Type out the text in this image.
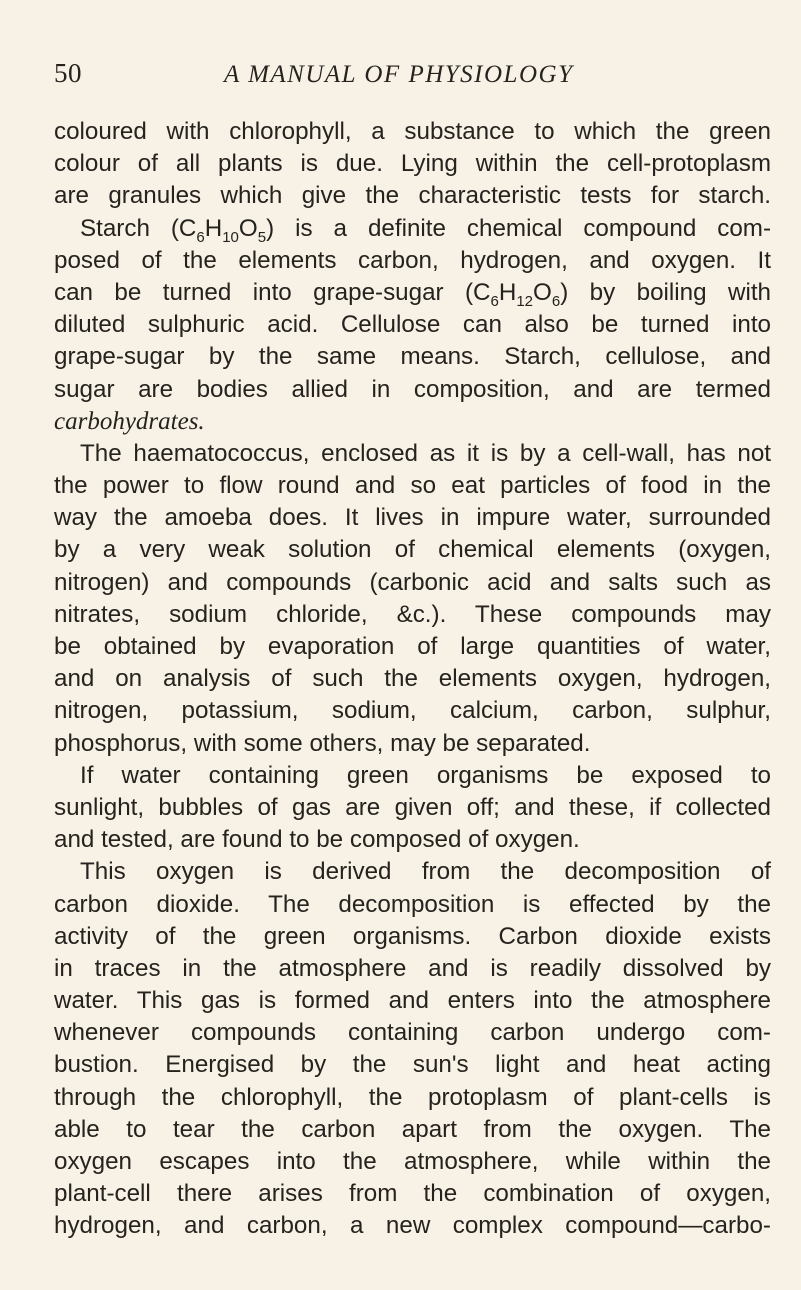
50	A MANUAL OF PHYSIOLOGY
coloured with chlorophyll, a substance to which the green
colour of all plants is due. Lying within the cell-protoplasm
are granules which give the characteristic tests for starch.
Starch $(C_6H_{10}O_5)$ is a definite chemical compound com-
posed of the elements carbon, hydrogen, and oxygen. It
can be turned into grape-sugar $(C_6H_{12}O_6)$ by boiling with
diluted sulphuric acid. Cellulose can also be turned into
grape-sugar by the same means. Starch, cellulose, and
sugar are bodies allied in composition, and are termed
carbohydrates.
The haematococcus, enclosed as it is by a cell-wall, has not
the power to flow round and so eat particles of food in the
way the amoeba does. It lives in impure water, surrounded
by a very weak solution of chemical elements (oxygen,
nitrogen) and compounds (carbonic acid and salts such as
nitrates, sodium chloride, &c.). These compounds may
be obtained by evaporation of large quantities of water,
and on analysis of such the elements oxygen, hydrogen,
nitrogen, potassium, sodium, calcium, carbon, sulphur,
phosphorus, with some others, may be separated.
If water containing green organisms be exposed to
sunlight, bubbles of gas are given off; and these, if collected
and tested, are found to be composed of oxygen.
This oxygen is derived from the decomposition of
carbon dioxide. The decomposition is effected by the
activity of the green organisms. Carbon dioxide exists
in traces in the atmosphere and is readily dissolved by
water. This gas is formed and enters into the atmosphere
whenever compounds containing carbon undergo com-
bustion. Energised by the sun's light and heat acting
through the chlorophyll, the protoplasm of plant-cells is
able to tear the carbon apart from the oxygen. The
oxygen escapes into the atmosphere, while within the
plant-cell there arises from the combination of oxygen,
hydrogen, and carbon, a new complex compound—carbo-
